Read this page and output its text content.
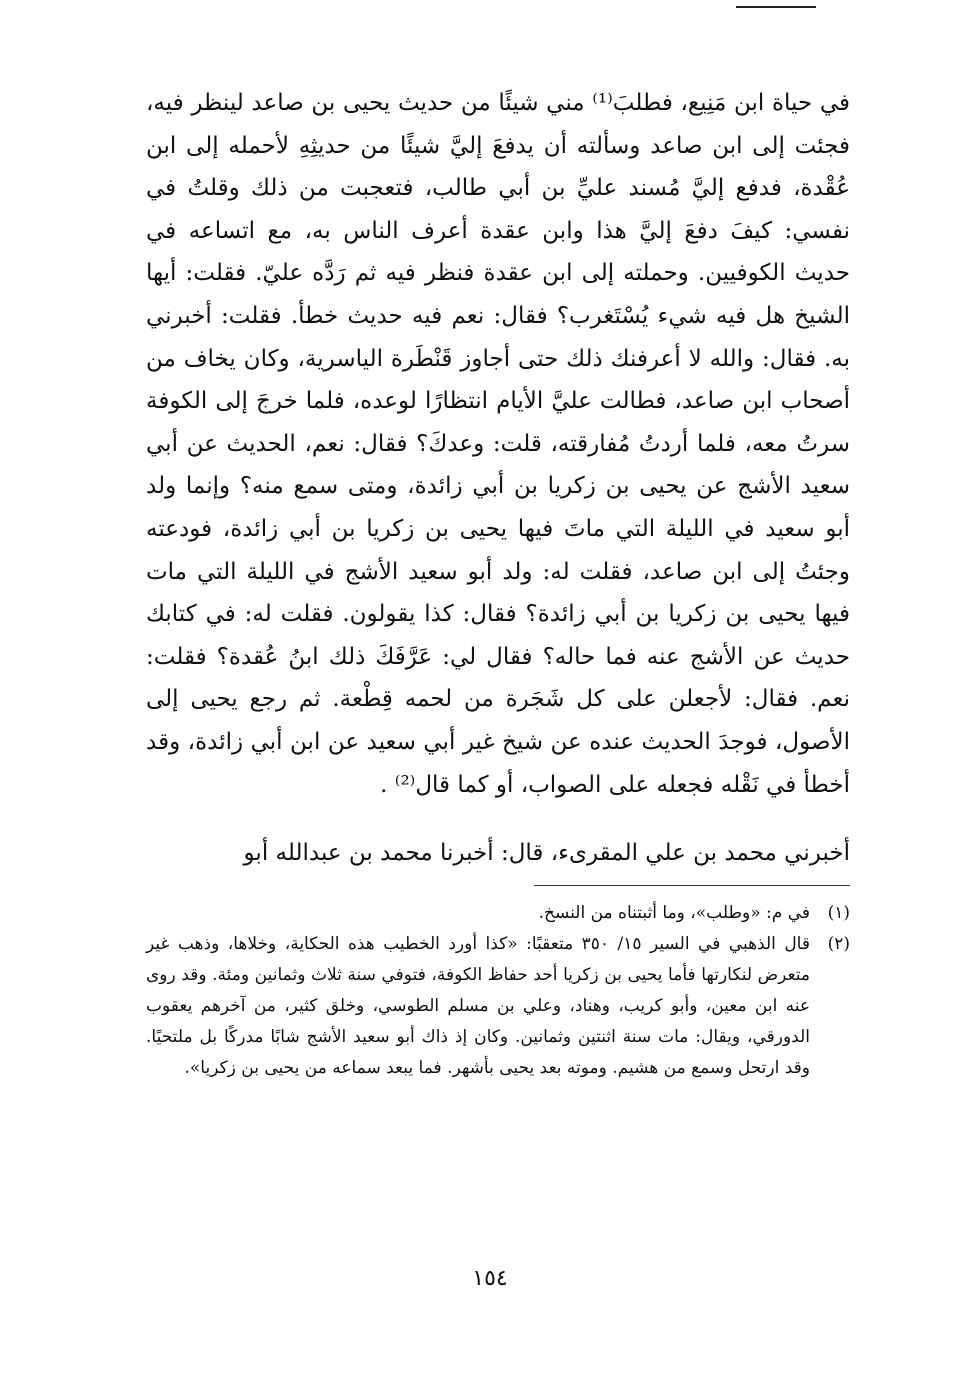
في حياة ابن مَنِيع، فطلبَ⁽¹⁾ مني شيئًا من حديث يحيى بن صاعد لينظر فيه، فجئت إلى ابن صاعد وسألته أن يدفعَ إليَّ شيئًا من حديثِهِ لأحمله إلى ابن عُقْدة، فدفع إليَّ مُسند عليِّ بن أبي طالب، فتعجبت من ذلك وقلتُ في نفسي: كيفَ دفعَ إليَّ هذا وابن عقدة أعرف الناس به، مع اتساعه في حديث الكوفيين. وحملته إلى ابن عقدة فنظر فيه ثم رَدَّه عليّ. فقلت: أيها الشيخ هل فيه شيء يُسْتَغرب؟ فقال: نعم فيه حديث خطأ. فقلت: أخبرني به. فقال: والله لا أعرفنك ذلك حتى أجاوز قَنْطَرة الياسرية، وكان يخاف من أصحاب ابن صاعد، فطالت عليَّ الأيام انتظارًا لوعده، فلما خرجَ إلى الكوفة سرتُ معه، فلما أردتُ مُفارقته، قلت: وعدكَ؟ فقال: نعم، الحديث عن أبي سعيد الأشج عن يحيى بن زكريا بن أبي زائدة، ومتى سمع منه؟ وإنما ولد أبو سعيد في الليلة التي ماتَ فيها يحيى بن زكريا بن أبي زائدة، فودعته وجئتُ إلى ابن صاعد، فقلت له: ولد أبو سعيد الأشج في الليلة التي مات فيها يحيى بن زكريا بن أبي زائدة؟ فقال: كذا يقولون. فقلت له: في كتابك حديث عن الأشج عنه فما حاله؟ فقال لي: عَرَّفَكَ ذلك ابنُ عُقدة؟ فقلت: نعم. فقال: لأجعلن على كل شَجَرة من لحمه قِطْعة. ثم رجع يحيى إلى الأصول، فوجدَ الحديث عنده عن شيخ غير أبي سعيد عن ابن أبي زائدة، وقد أخطأ في نَقْله فجعله على الصواب، أو كما قال⁽²⁾ .

أخبرني محمد بن علي المقرىء، قال: أخبرنا محمد بن عبدالله أبو

(١)
في م: «وطلب»، وما أثبتناه من النسخ.
(٢)
قال الذهبي في السير ١٥/ ٣٥٠ متعقبًا: «كذا أورد الخطيب هذه الحكاية، وخلاها، وذهب غير متعرض لنكارتها فأما يحيى بن زكريا أحد حفاظ الكوفة، فتوفي سنة ثلاث وثمانين ومئة. وقد روى عنه ابن معين، وأبو كريب، وهناد، وعلي بن مسلم الطوسي، وخلق كثير، من آخرهم يعقوب الدورقي، ويقال: مات سنة اثنتين وثمانين. وكان إذ ذاك أبو سعيد الأشج شابًا مدركًا بل ملتحيًا. وقد ارتحل وسمع من هشيم. وموته بعد يحيى بأشهر. فما يبعد سماعه من يحيى بن زكريا».
١٥٤
